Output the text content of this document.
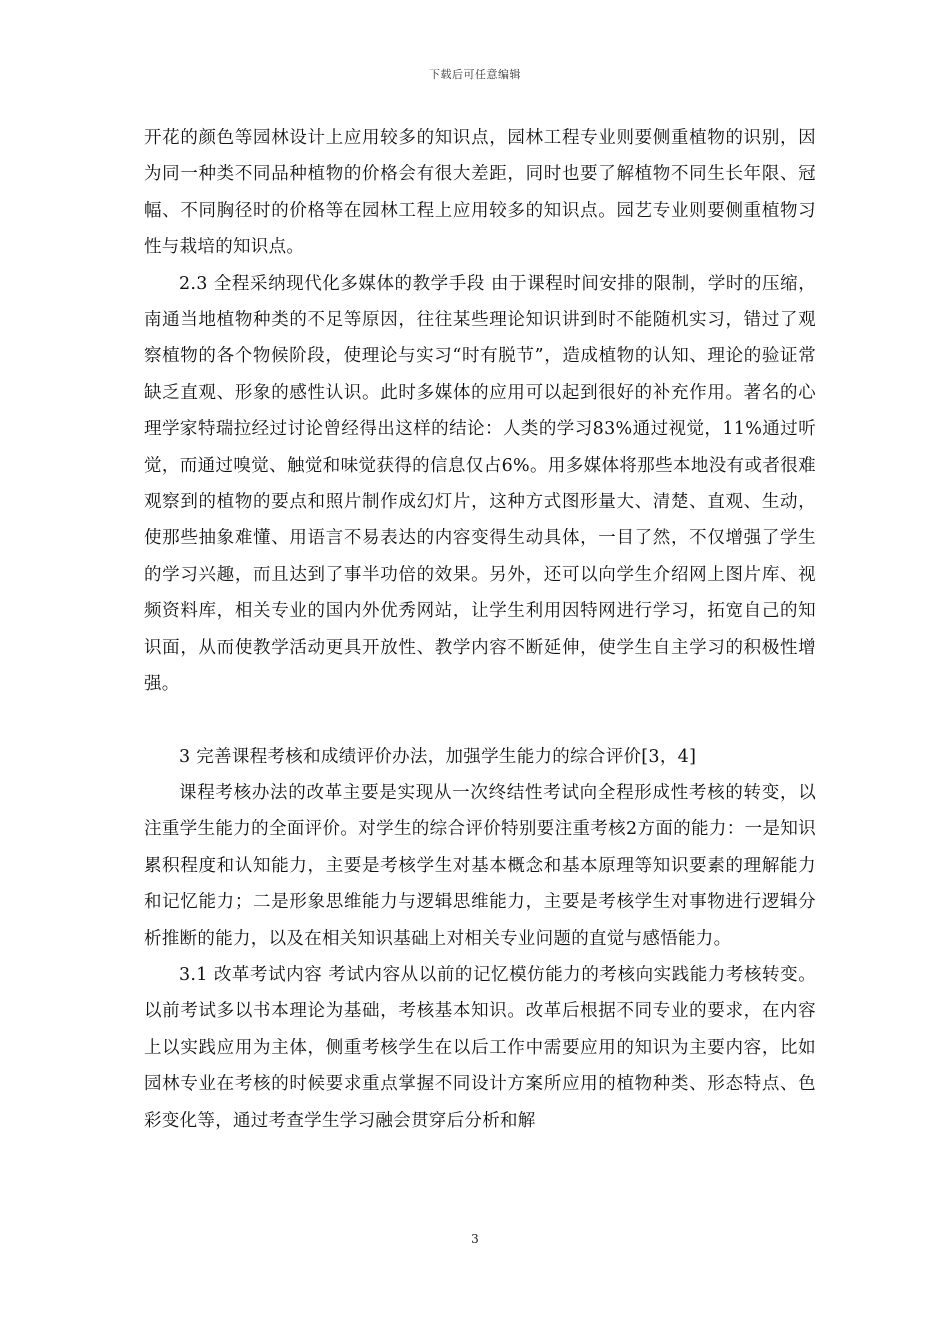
下载后可任意编辑

开花的颜色等园林设计上应用较多的知识点，园林工程专业则要侧重植物的识别，因为同一种类不同品种植物的价格会有很大差距，同时也要了解植物不同生长年限、冠幅、不同胸径时的价格等在园林工程上应用较多的知识点。园艺专业则要侧重植物习性与栽培的知识点。

2.3 全程采纳现代化多媒体的教学手段 由于课程时间安排的限制，学时的压缩，南通当地植物种类的不足等原因，往往某些理论知识讲到时不能随机实习，错过了观察植物的各个物候阶段，使理论与实习“时有脱节”，造成植物的认知、理论的验证常缺乏直观、形象的感性认识。此时多媒体的应用可以起到很好的补充作用。著名的心理学家特瑞拉经过讨论曾经得出这样的结论：人类的学习83%通过视觉，11%通过听觉，而通过嗅觉、触觉和味觉获得的信息仅占6%。用多媒体将那些本地没有或者很难观察到的植物的要点和照片制作成幻灯片，这种方式图形量大、清楚、直观、生动，使那些抽象难懂、用语言不易表达的内容变得生动具体，一目了然，不仅增强了学生的学习兴趣，而且达到了事半功倍的效果。另外，还可以向学生介绍网上图片库、视频资料库，相关专业的国内外优秀网站，让学生利用因特网进行学习，拓宽自己的知识面，从而使教学活动更具开放性、教学内容不断延伸，使学生自主学习的积极性增强。

3 完善课程考核和成绩评价办法，加强学生能力的综合评价[3，4]

课程考核办法的改革主要是实现从一次终结性考试向全程形成性考核的转变，以注重学生能力的全面评价。对学生的综合评价特别要注重考核2方面的能力：一是知识累积程度和认知能力，主要是考核学生对基本概念和基本原理等知识要素的理解能力和记忆能力；二是形象思维能力与逻辑思维能力，主要是考核学生对事物进行逻辑分析推断的能力，以及在相关知识基础上对相关专业问题的直觉与感悟能力。

3.1 改革考试内容 考试内容从以前的记忆模仿能力的考核向实践能力考核转变。以前考试多以书本理论为基础，考核基本知识。改革后根据不同专业的要求，在内容上以实践应用为主体，侧重考核学生在以后工作中需要应用的知识为主要内容，比如园林专业在考核的时候要求重点掌握不同设计方案所应用的植物种类、形态特点、色彩变化等，通过考查学生学习融会贯穿后分析和解

3
